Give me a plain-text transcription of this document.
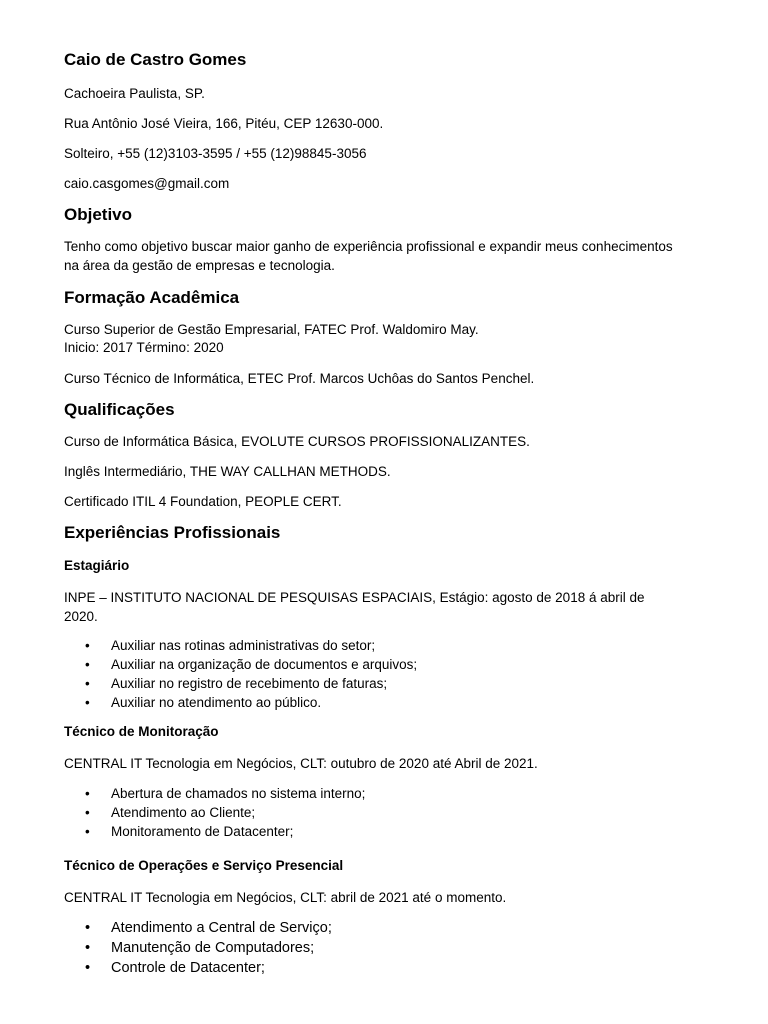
Caio de Castro Gomes
Cachoeira Paulista, SP.
Rua Antônio José Vieira, 166, Pitéu, CEP 12630-000.
Solteiro, +55 (12)3103-3595 / +55 (12)98845-3056
caio.casgomes@gmail.com
Objetivo
Tenho como objetivo buscar maior ganho de experiência profissional e expandir meus conhecimentos na área da gestão de empresas e tecnologia.
Formação Acadêmica
Curso Superior de Gestão Empresarial, FATEC Prof. Waldomiro May.
Inicio: 2017 Término: 2020
Curso Técnico de Informática, ETEC Prof. Marcos Uchôas do Santos Penchel.
Qualificações
Curso de Informática Básica, EVOLUTE CURSOS PROFISSIONALIZANTES.
Inglês Intermediário, THE WAY CALLHAN METHODS.
Certificado ITIL 4 Foundation, PEOPLE CERT.
Experiências Profissionais
Estagiário
INPE – INSTITUTO NACIONAL DE PESQUISAS ESPACIAIS, Estágio: agosto de 2018 á abril de 2020.
• Auxiliar nas rotinas administrativas do setor;
• Auxiliar na organização de documentos e arquivos;
• Auxiliar no registro de recebimento de faturas;
• Auxiliar no atendimento ao público.
Técnico de Monitoração
CENTRAL IT Tecnologia em Negócios, CLT: outubro de 2020 até Abril de 2021.
• Abertura de chamados no sistema interno;
• Atendimento ao Cliente;
• Monitoramento de Datacenter;
Técnico de Operações e Serviço Presencial
CENTRAL IT Tecnologia em Negócios, CLT: abril de 2021 até o momento.
• Atendimento a Central de Serviço;
• Manutenção de Computadores;
• Controle de Datacenter;
